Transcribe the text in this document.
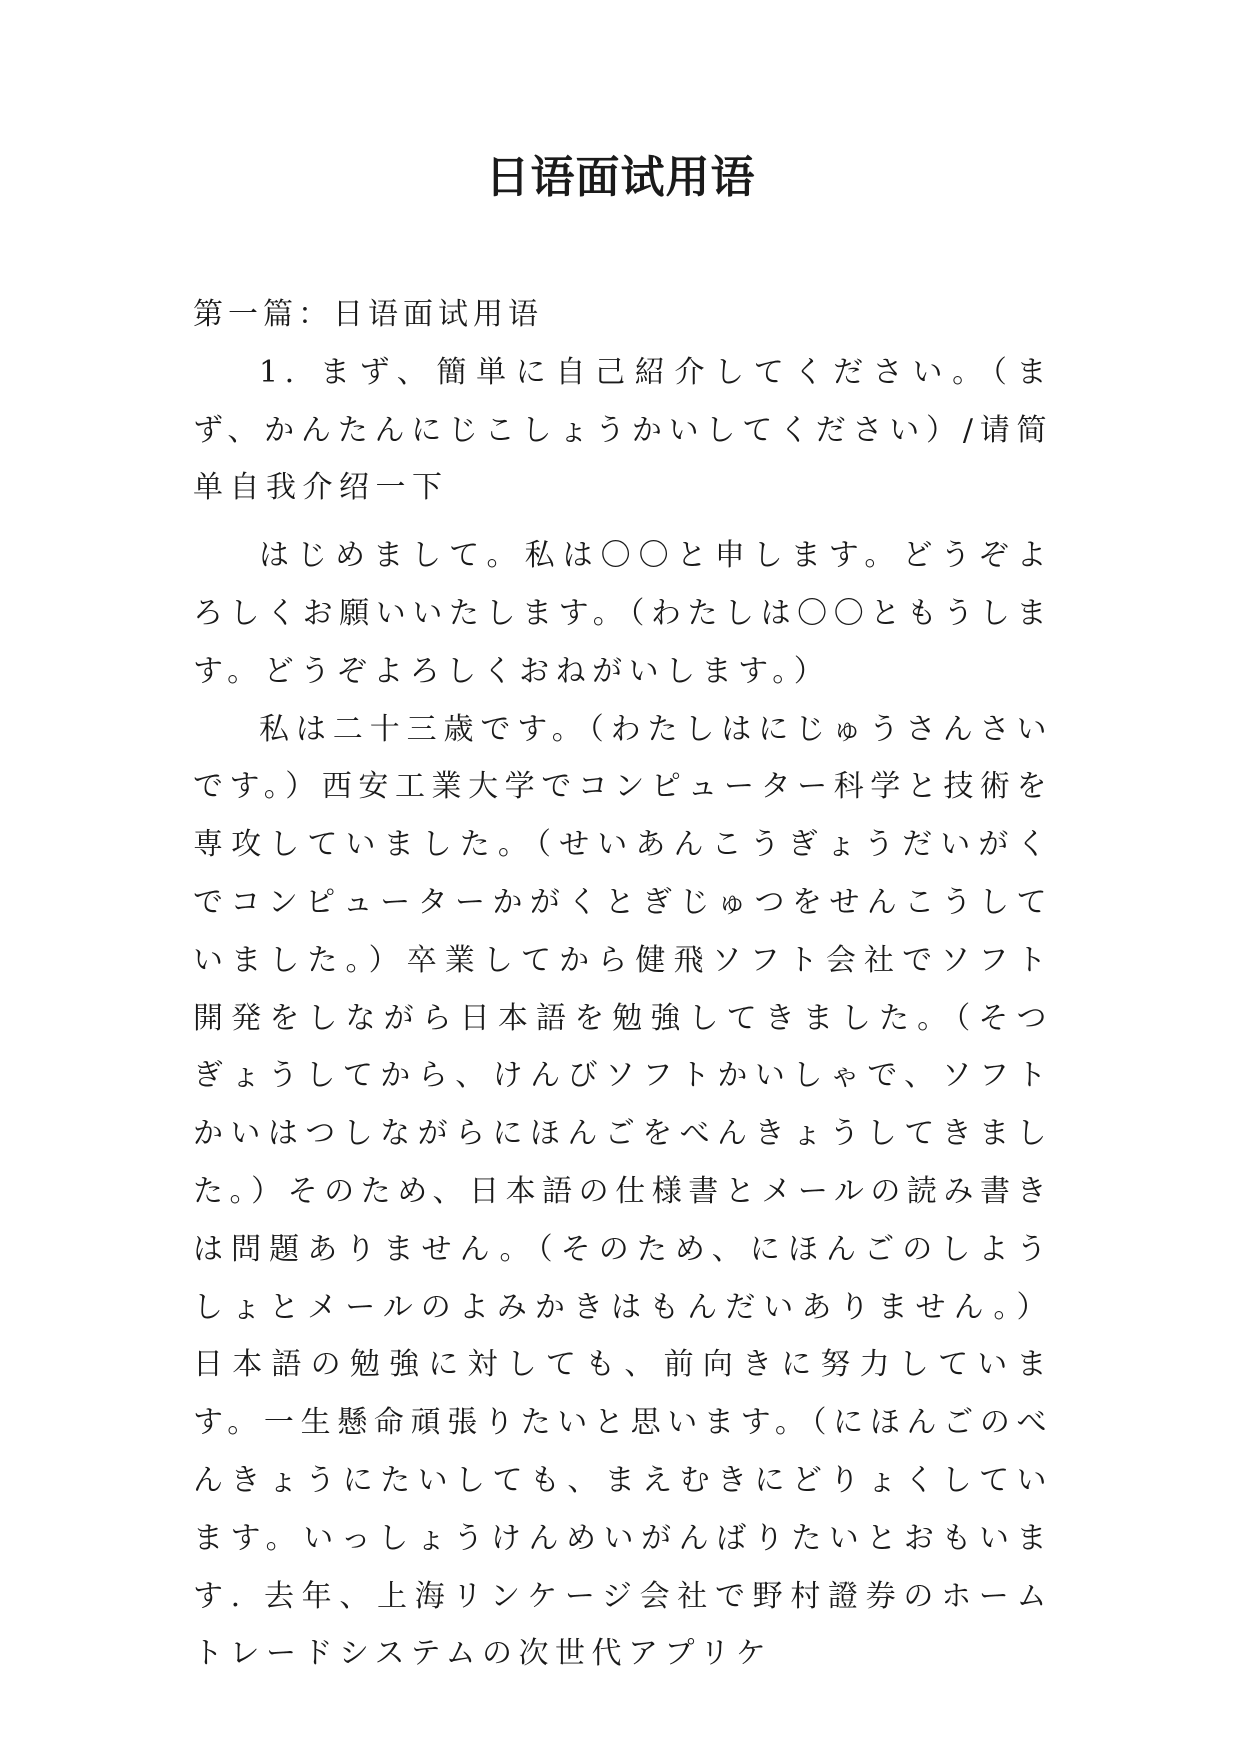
日语面试用语

第一篇：日语面试用语

1. まず、簡単に自己紹介してください。（まず、かんたんにじこしょうかいしてください）/请简单自我介绍一下

はじめまして。私は〇〇と申します。どうぞよろしくお願いいたします。（わたしは〇〇ともうします。どうぞよろしくおねがいします。）

私は二十三歳です。（わたしはにじゅうさんさいです。）西安工業大学でコンピューター科学と技術を専攻していました。（せいあんこうぎょうだいがくでコンピューターかがくとぎじゅつをせんこうしていました。）卒業してから健飛ソフト会社でソフト開発をしながら日本語を勉強してきました。（そつぎょうしてから、けんびソフトかいしゃで、ソフトかいはつしながらにほんごをべんきょうしてきました。）そのため、日本語の仕様書とメールの読み書きは問題ありません。（そのため、にほんごのしようしょとメールのよみかきはもんだいありません。）日本語の勉強に対しても、前向きに努力しています。一生懸命頑張りたいと思います。（にほんごのべんきょうにたいしても、まえむきにどりょくしています。いっしょうけんめいがんばりたいとおもいます. 去年、上海リンケージ会社で野村證券のホームトレードシステムの次世代アプリケ
